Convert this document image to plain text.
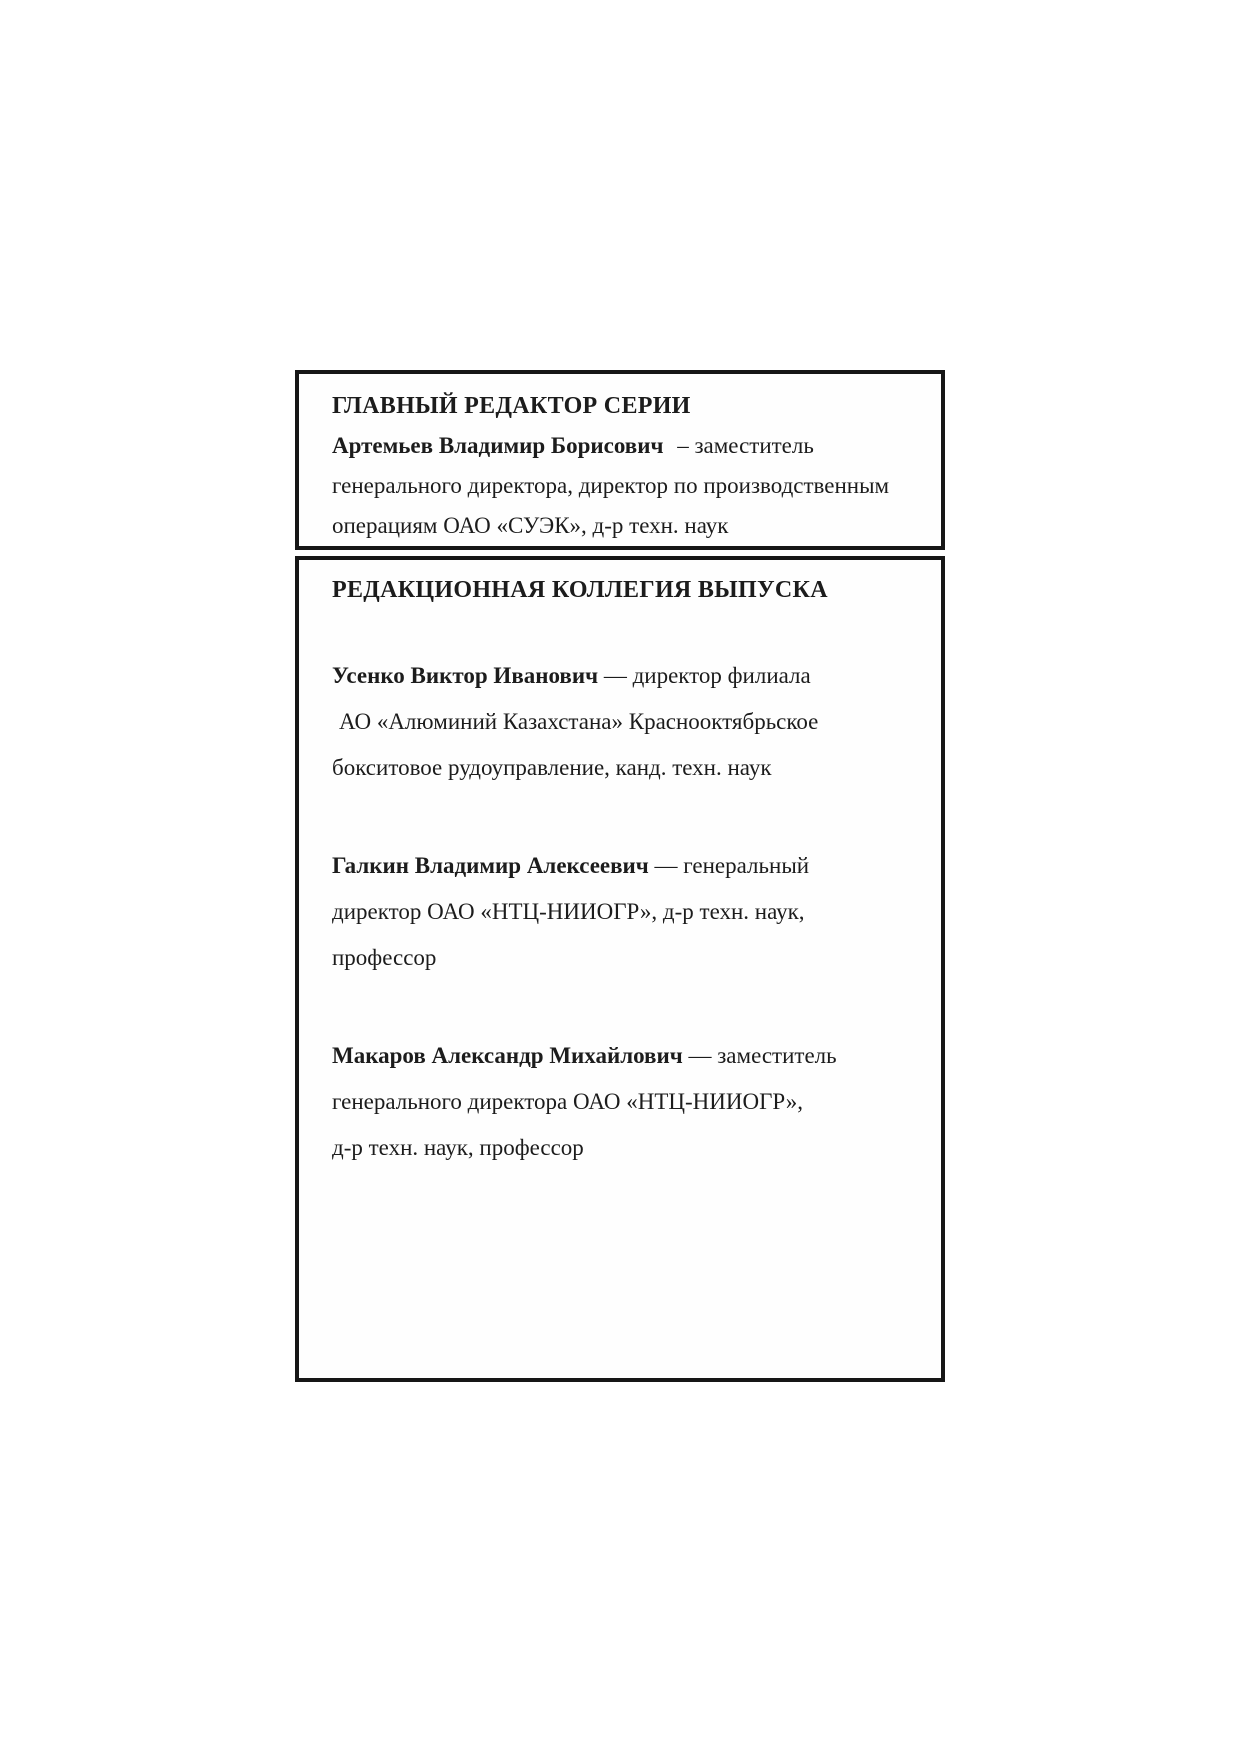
ГЛАВНЫЙ РЕДАКТОР СЕРИИ
Артемьев Владимир Борисович – заместитель
генерального директора, директор по производственным
операциям ОАО «СУЭК», д-р техн. наук
РЕДАКЦИОННАЯ КОЛЛЕГИЯ ВЫПУСКА
Усенко Виктор Иванович — директор филиала
АО «Алюминий Казахстана» Краснооктябрьское
бокситовое рудоуправление, канд. техн. наук
Галкин Владимир Алексеевич — генеральный
директор ОАО «НТЦ-НИИОГР», д-р техн. наук,
профессор
Макаров Александр Михайлович — заместитель
генерального директора ОАО «НТЦ-НИИОГР»,
д-р техн. наук, профессор
